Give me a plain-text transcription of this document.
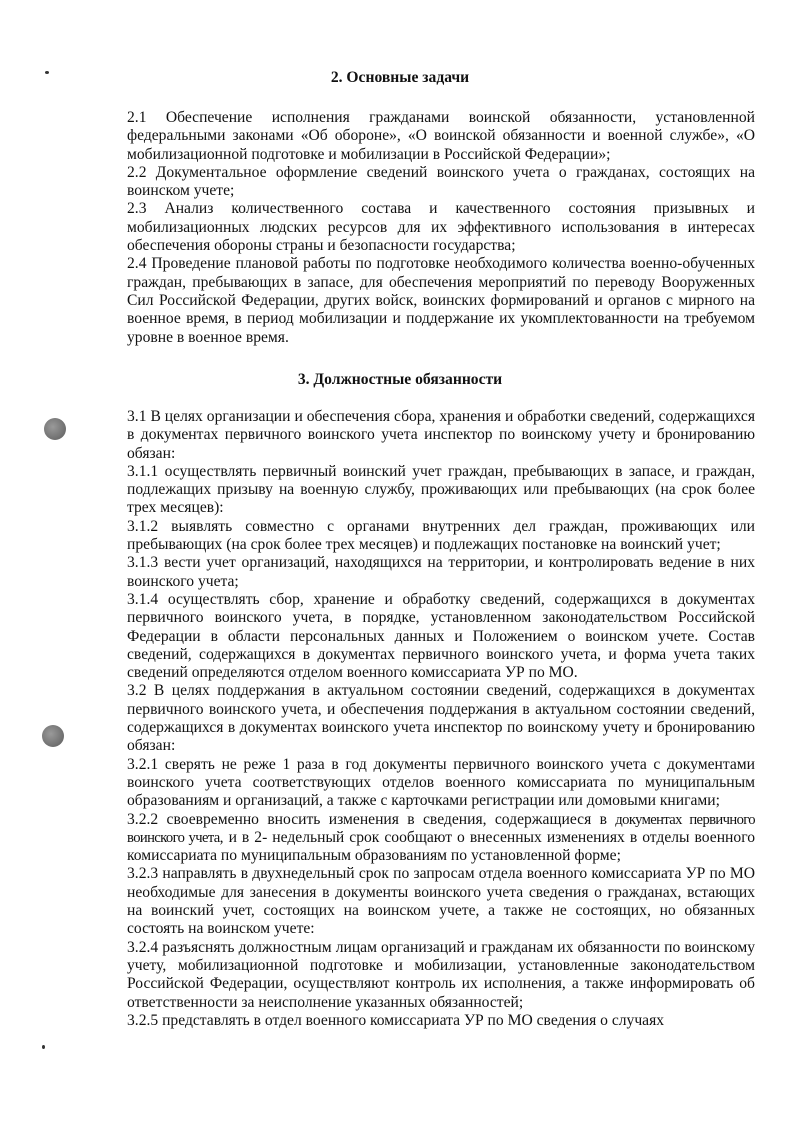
2. Основные задачи

2.1 Обеспечение исполнения гражданами воинской обязанности, установленной федеральными законами «Об обороне», «О воинской обязанности и военной службе», «О мобилизационной подготовке и мобилизации в Российской Федерации»;

2.2 Документальное оформление сведений воинского учета о гражданах, состоящих на воинском учете;

2.3 Анализ количественного состава и качественного состояния призывных и мобилизационных людских ресурсов для их эффективного использования в интересах обеспечения обороны страны и безопасности государства;

2.4 Проведение плановой работы по подготовке необходимого количества военно-обученных граждан, пребывающих в запасе, для обеспечения мероприятий по переводу Вооруженных Сил Российской Федерации, других войск, воинских формирований и органов с мирного на военное время, в период мобилизации и поддержание их укомплектованности на требуемом уровне в военное время.

3. Должностные обязанности

3.1 В целях организации и обеспечения сбора, хранения и обработки сведений, содержащихся в документах первичного воинского учета инспектор по воинскому учету и бронированию обязан:

3.1.1 осуществлять первичный воинский учет граждан, пребывающих в запасе, и граждан, подлежащих призыву на военную службу, проживающих или пребывающих (на срок более трех месяцев):

3.1.2 выявлять совместно с органами внутренних дел граждан, проживающих или пребывающих (на срок более трех месяцев) и подлежащих постановке на воинский учет;

3.1.3 вести учет организаций, находящихся на территории, и контролировать ведение в них воинского учета;

3.1.4 осуществлять сбор, хранение и обработку сведений, содержащихся в документах первичного воинского учета, в порядке, установленном законодательством Российской Федерации в области персональных данных и Положением о воинском учете. Состав сведений, содержащихся в документах первичного воинского учета, и форма учета таких сведений определяются отделом военного комиссариата УР по МО.

3.2 В целях поддержания в актуальном состоянии сведений, содержащихся в документах первичного воинского учета, и обеспечения поддержания в актуальном состоянии сведений, содержащихся в документах воинского учета инспектор по воинскому учету и бронированию обязан:

3.2.1 сверять не реже 1 раза в год документы первичного воинского учета с документами воинского учета соответствующих отделов военного комиссариата по муниципальным образованиям и организаций, а также с карточками регистрации или домовыми книгами;

3.2.2 своевременно вносить изменения в сведения, содержащиеся в документах первичного воинского учета, и в 2- недельный срок сообщают о внесенных изменениях в отделы военного комиссариата по муниципальным образованиям по установленной форме;

3.2.3 направлять в двухнедельный срок по запросам отдела военного комиссариата УР по МО необходимые для занесения в документы воинского учета сведения о гражданах, встающих на воинский учет, состоящих на воинском учете, а также не состоящих, но обязанных состоять на воинском учете:

3.2.4 разъяснять должностным лицам организаций и гражданам их обязанности по воинскому учету, мобилизационной подготовке и мобилизации, установленные законодательством Российской Федерации, осуществляют контроль их исполнения, а также информировать об ответственности за неисполнение указанных обязанностей;

3.2.5 представлять в отдел военного комиссариата УР по МО сведения о случаях
